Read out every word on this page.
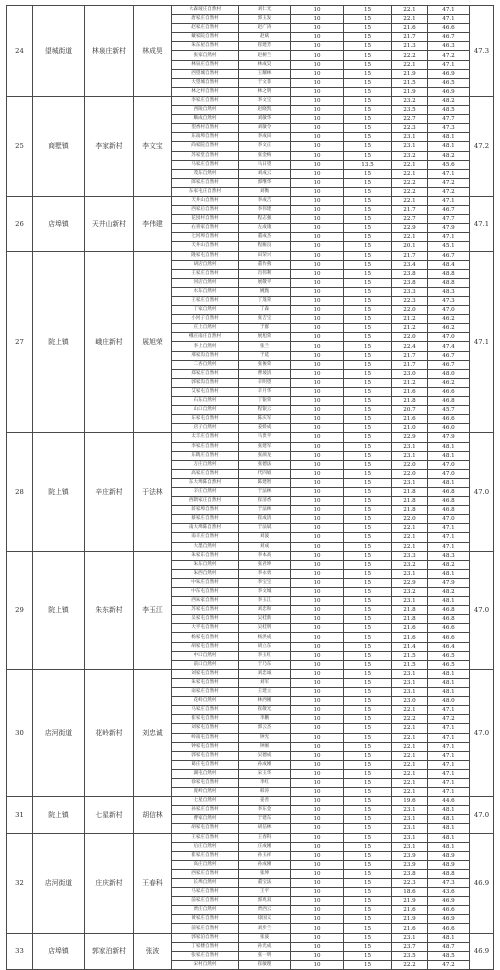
24	望城街道	林泉庄新村	林成昊	大森坡庄自然村	刘仁光	10	15	22.1	47.1	47.3
				唐家庄自然村	郭玉发	10	15	22.1	47.1	
				赵家庄自然村	赵广涛	10	15	21.6	46.6	
				戴家院自然村	赵斌	10	15	21.7	46.7	
				朱东屋自然村	崔建芳	10	15	21.3	46.3	
				张家自然村	赵树兰	10	15	22.2	47.2	
				林泉庄自然村	林成昊	10	15	22.1	47.1	
				西望城自然村	王耀林	10	15	21.9	46.9	
				大望城自然村	于文菲	10	15	21.5	46.5	
				林之村自然村	林之明	10	15	21.9	46.9	
25	商墅镇	李家新村	李文宝	李家庄自然村	李文宝	10	15	23.2	48.2	47.2
				西陵自然村	赵晓凯	10	15	23.5	48.5	
				顺成自然村	刘敏华	10	15	22.7	47.7	
				望香村自然村	刘敏令	10	15	22.3	47.3	
				东南埠自然村	李成田	10	15	23.1	48.1	
				尚家院自然村	李文正	10	15	23.1	48.1	
				苏家堂自然村	张金梅	10	15	23.2	48.2	
				马家庄自然村	马日望	10	13.5	22.1	45.6	
				茂东自然村	刘成云	10	15	22.1	47.1	
				郎家庄自然村	郭继华	10	15	22.2	47.2	
				东家屯庄自然村	刘衡	10	15	22.2	47.2	
26	店埠镇	天井山新村	李伟建	天井山自然村	李成吉	10	15	22.1	47.1	47.1
				西家后自然村	李伟建	10	15	21.7	46.7	
				花园村自然村	程志强	10	15	22.7	47.7	
				右青家自然村	左成康	10	15	22.9	47.9	
				七河埠自然村	董成杰	10	15	22.1	47.1	
				天井山自然村	程雁良	10	15	20.1	45.1	
27	院上镇	峨庄新村	展旭荣	隆家屯自然村	田荣兴	10	15	21.7	46.7	47.1
				胡店自然村	董作燕	10	15	23.4	48.4	
				王家庄自然村	肖伟利	10	15	23.8	48.8	
				河店自然村	展敬平	10	15	23.8	48.8	
				水东自然村	姚甄	10	15	23.3	48.3	
				王家庄自然村	丁蓬荣	10	15	22.3	47.3	
				丁家自然村	丁森	10	15	22.0	47.0	
				小河子自然村	张吉宝	10	15	21.2	46.2	
				庄上自然村	于群	10	15	21.2	46.2	
				峨庄南庄自然村	展旭荣	10	15	22.0	47.0	
				李上自然村	张兰	10	15	22.4	47.4	
				邢家沟自然村	于延	10	15	21.7	46.7	
				二杏自然村	张俊荣	10	15	21.7	46.7	
				郑家庄自然村	曹坡清	10	15	23.0	48.0	
				郭家沟自然村	辛明望	10	15	21.2	46.2	
				艾家屯自然村	辛月华	10	15	21.6	46.6	
				石东自然村	丁银荣	10	15	21.8	46.8	
				山口自然村	程银云	10	15	20.7	45.7	
				东家屯自然村	陈庆军	10	15	21.6	46.6	
				店子自然村	姜娇成	10	15	21.0	46.0	
28	院上镇	辛庄新村	于法林	太丰庄自然村	马贵平	10	15	22.9	47.9	47.0
				李家庄自然村	张建军	10	15	23.1	48.1	
				东隋庄自然村	张颜龙	10	15	23.1	48.1	
				万庄自然村	张德法	10	15	22.0	47.0	
				高家庄自然村	代四娟	10	15	22.0	47.0	
				东大埠陈自然村	陈建智	10	15	23.1	48.1	
				辛庄自然村	于法林	10	15	21.8	46.8	
				西隋家庄自然村	崔清香	10	15	21.8	46.8	
				蒋家埠自然村	于法林	10	15	21.8	46.8	
				蔡家庄自然村	崔成清	10	15	22.0	47.0	
				南大埠陈自然村	于法斌	10	15	22.1	47.1	
				南辛庄自然村	刘波	10	15	22.1	47.1	
				大墨自然村	刘成	10	15	22.1	47.1	
29	院上镇	朱东新村	李玉江	朱家东自然村	李本高	10	15	23.3	48.3	47.0
				朱东自然村	张君坤	10	15	23.2	48.2	
				朱西自然村	李永勇	10	15	23.1	48.1	
				中朱庄自然村	李宝宝	10	15	22.9	47.9	
				中东屯自然村	李文城	10	15	23.2	48.2	
				西朱家自然村	李玉江	10	15	23.1	48.1	
				苏家屯自然村	刘忠和	10	15	21.8	46.8	
				吴家屯自然村	吴桂新	10	15	21.8	46.8	
				大平屯自然村	吴桂明	10	15	21.6	46.6	
				杨家屯自然村	杨洪成	10	15	21.6	46.6	
				胡家屯自然村	胡立东	10	15	21.4	46.4	
				中口自然村	李玉红	10	15	21.5	46.5	
				前口自然村	于乃东	10	15	21.5	46.5	
30	店河街道	花岭新村	刘忠诚	刘家屯自然村	刘忠诚	10	15	23.1	48.1	47.0
				朱家屯自然村	刘军	10	15	23.1	48.1	
				南家庄自然村	王建立	10	15	23.1	48.1	
				花岭自然村	林西刚	10	15	23.0	48.0	
				马家庄自然村	崔敬光	10	15	22.1	47.1	
				崔家屯自然村	李鹏	10	15	22.2	47.2	
				刘家屯自然村	郭云杰	10	15	22.1	47.1	
				岭南屯自然村	钟光	10	15	22.1	47.1	
				钟家屯自然村	钟刚	10	15	22.1	47.1	
				郭家屯自然村	吴德成	10	15	22.1	47.1	
				葛庄屯自然村	孙成刚	10	15	22.1	47.1	
				湖屯自然村	宋玉华	10	15	22.1	47.1	
				徐家屯自然村	李红	10	15	22.1	47.1	
				庞岭自然村	韩涛	10	15	22.1	47.1	
31	院上镇	七星新村	胡信林	七星自然村	姜善	10	15	19.6	44.6	47.0
				孙家庄自然村	李东金	10	15	23.1	48.1	
				曹家自然村	于建东	10	15	23.1	48.1	
				胡家屯自然村	胡信林	10	15	23.1	48.1	
32	店河街道	庄庆新村	王春科	王家庄自然村	王春科	10	15	23.1	48.1	46.9
				后庄自然村	庄成刚	10	15	23.1	48.1	
				崔家庄自然村	孙玉祥	10	15	23.9	48.9	
				高庄自然村	孙成刚	10	15	23.9	48.9	
				西家庄自然村	张坤	10	15	23.8	48.8	
				长埠自然村	董宝法	10	15	22.3	47.3	
				马家庄自然村	王平	10	15	18.6	43.6	
				前家庄自然村	郭兆双	10	15	21.9	46.9	
				贾庄自然村	贾西云	10	15	21.6	46.6	
				黄家庄自然村	徐国义	10	15	21.9	46.9	
				前家庄自然村	刘步兰	10	15	21.6	46.6	
33	店埠镇	郭家泊新村	张波	郭家泊自然村	张波	10	15	23.1	48.1	46.9
				丁家楼自然村	孙光成	10	15	23.7	48.7	
				张家庄自然村	张一明	10	15	23.5	48.5	
				宋村自然村	崔敏理	10	15	22.2	47.2	
